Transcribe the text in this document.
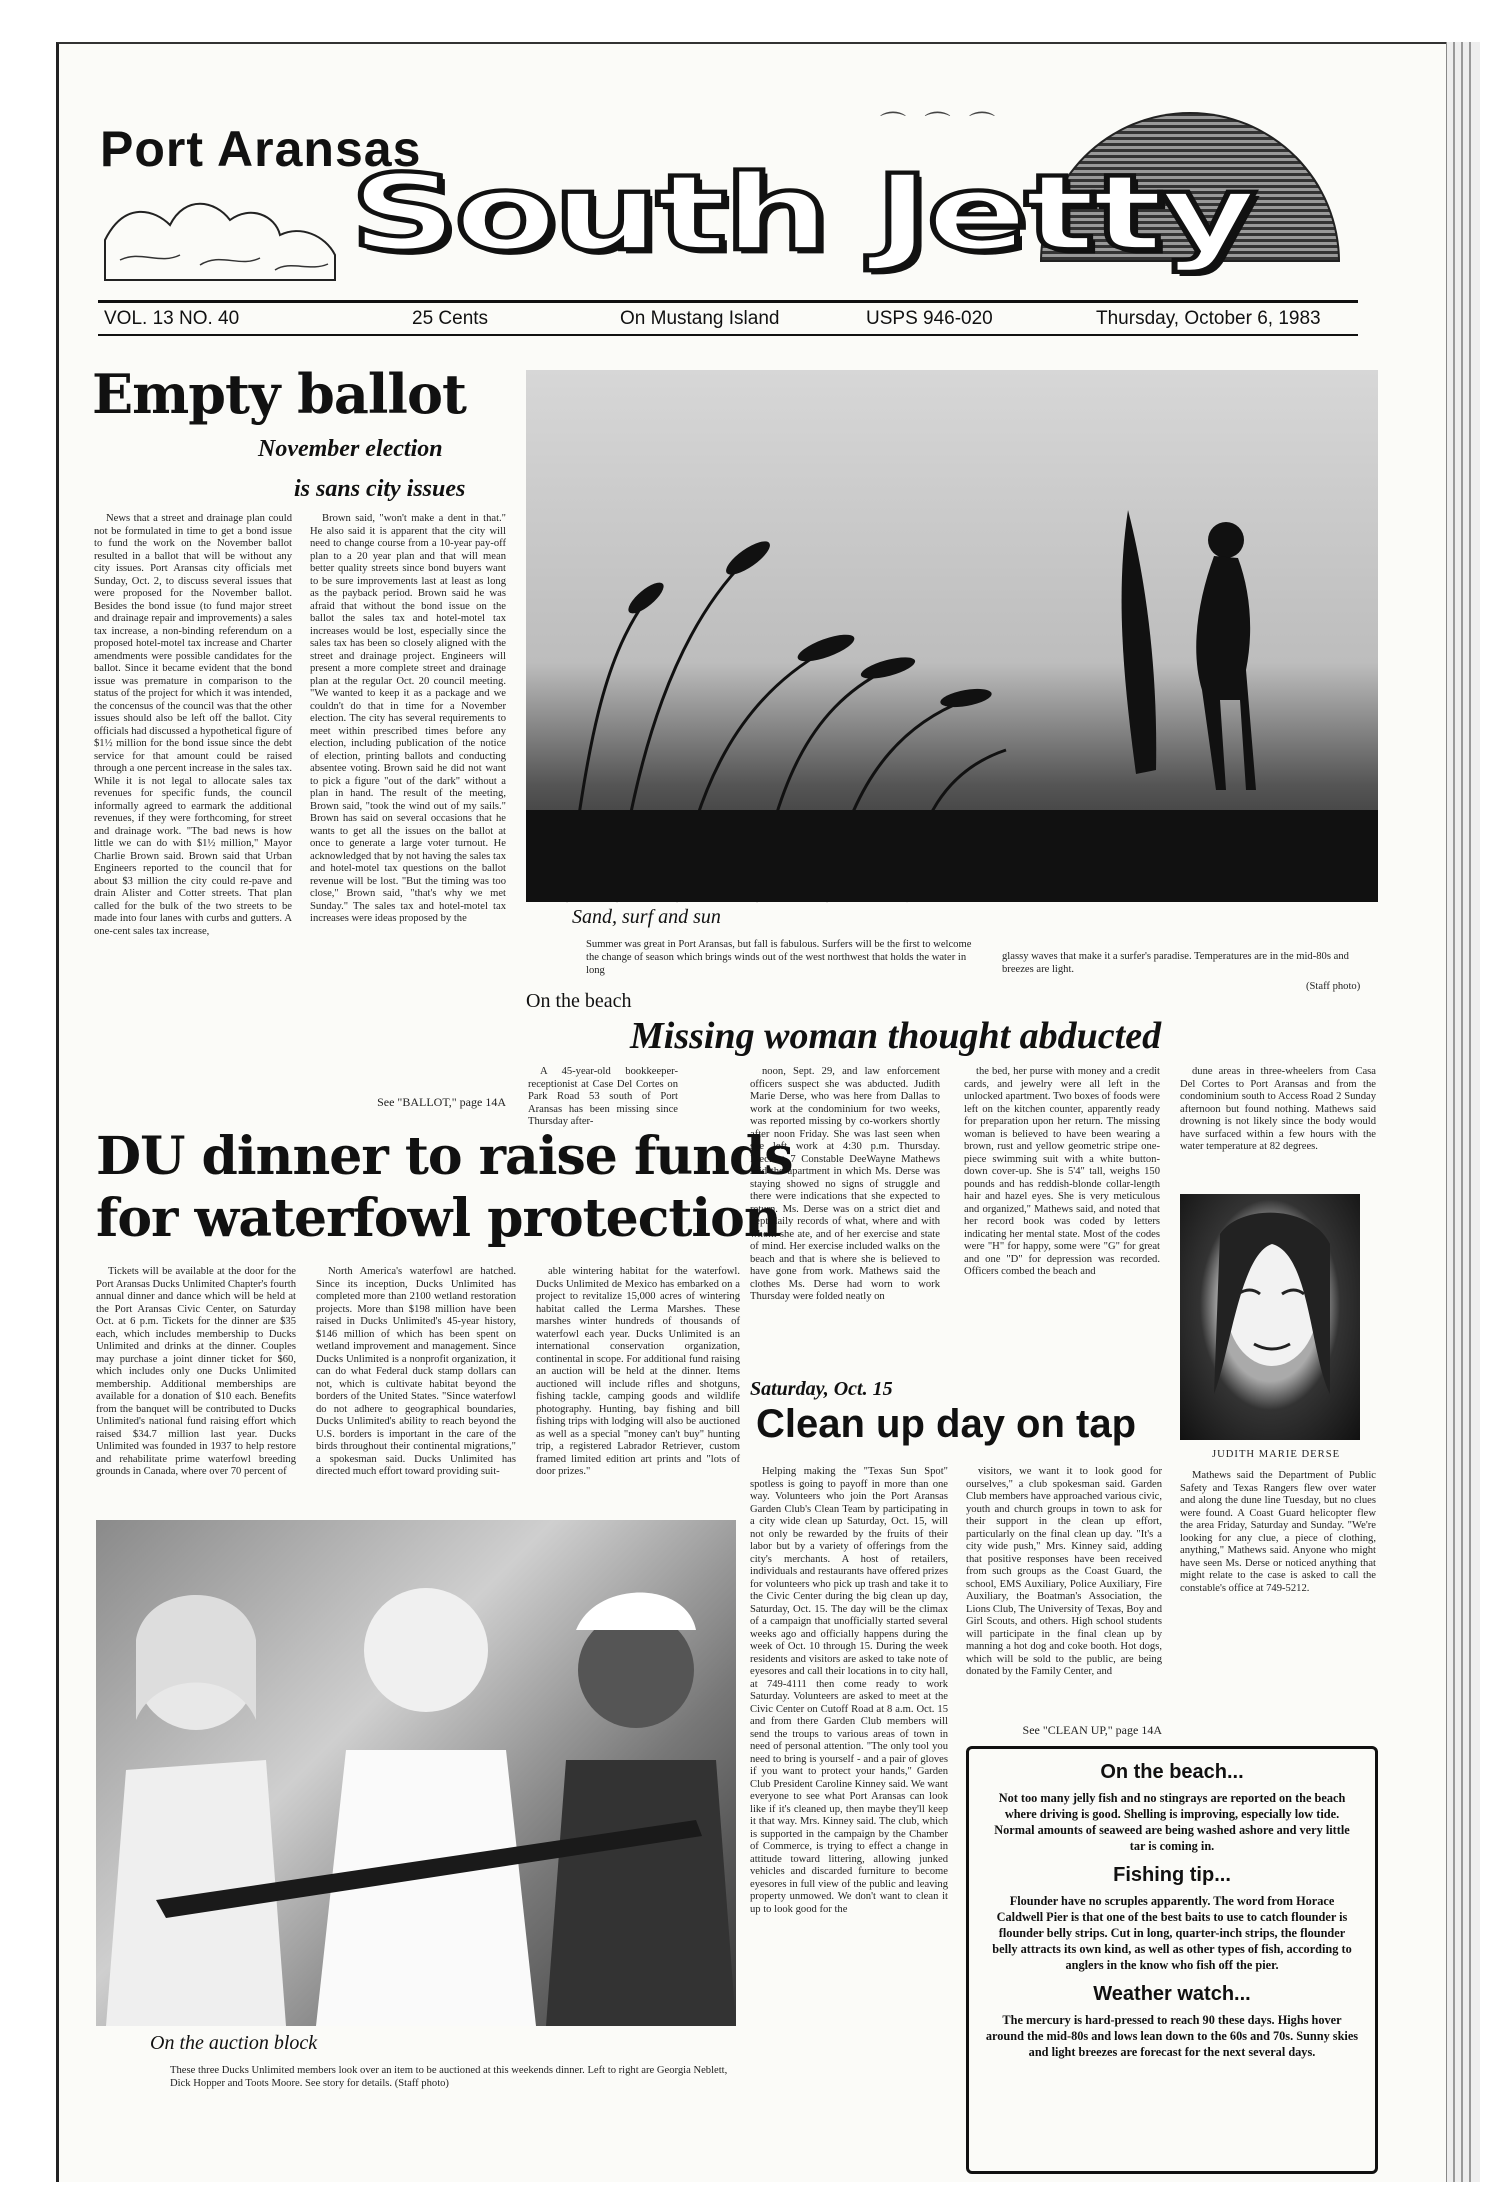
Port Aransas	⌒ ⌒ ⌒
South Jetty
VOL. 13 NO. 40	25 Cents	On Mustang Island	USPS 946-020	Thursday, October 6, 1983
Empty ballot
November election
is sans city issues

News that a street and drainage plan could not be formulated in time to get a bond issue to fund the work on the November ballot resulted in a ballot that will be without any city issues. Port Aransas city officials met Sunday, Oct. 2, to discuss several issues that were proposed for the November ballot. Besides the bond issue (to fund major street and drainage repair and improvements) a sales tax increase, a non-binding referendum on a proposed hotel-motel tax increase and Charter amendments were possible candidates for the ballot. Since it became evident that the bond issue was premature in comparison to the status of the project for which it was intended, the concensus of the council was that the other issues should also be left off the ballot. City officials had discussed a hypothetical figure of $1½ million for the bond issue since the debt service for that amount could be raised through a one percent increase in the sales tax. While it is not legal to allocate sales tax revenues for specific funds, the council informally agreed to earmark the additional revenues, if they were forthcoming, for street and drainage work. "The bad news is how little we can do with $1½ million," Mayor Charlie Brown said. Brown said that Urban Engineers reported to the council that for about $3 million the city could re-pave and drain Alister and Cotter streets. That plan called for the bulk of the two streets to be made into four lanes with curbs and gutters. A one-cent sales tax increase,

Brown said, "won't make a dent in that." He also said it is apparent that the city will need to change course from a 10-year pay-off plan to a 20 year plan and that will mean better quality streets since bond buyers want to be sure improvements last at least as long as the payback period. Brown said he was afraid that without the bond issue on the ballot the sales tax and hotel-motel tax increases would be lost, especially since the sales tax has been so closely aligned with the street and drainage project. Engineers will present a more complete street and drainage plan at the regular Oct. 20 council meeting. "We wanted to keep it as a package and we couldn't do that in time for a November election. The city has several requirements to meet within prescribed times before any election, including publication of the notice of election, printing ballots and conducting absentee voting. Brown said he did not want to pick a figure "out of the dark" without a plan in hand. The result of the meeting, Brown said, "took the wind out of my sails." Brown has said on several occasions that he wants to get all the issues on the ballot at once to generate a large voter turnout. He acknowledged that by not having the sales tax and hotel-motel tax questions on the ballot revenue will be lost. "But the timing was too close," Brown said, "that's why we met Sunday." The sales tax and hotel-motel tax increases were ideas proposed by the

See "BALLOT," page 14A
Sand, surf and sun
Summer was great in Port Aransas, but fall is fabulous. Surfers will be the first to welcome the change of season which brings winds out of the west northwest that holds the water in long
glassy waves that make it a surfer's paradise. Temperatures are in the mid-80s and breezes are light.
(Staff photo)
On the beach
Missing woman thought abducted

A 45-year-old bookkeeper-receptionist at Case Del Cortes on Park Road 53 south of Port Aransas has been missing since Thursday after-

noon, Sept. 29, and law enforcement officers suspect she was abducted. Judith Marie Derse, who was here from Dallas to work at the condominium for two weeks, was reported missing by co-workers shortly after noon Friday. She was last seen when she left work at 4:30 p.m. Thursday. Precinct 7 Constable DeeWayne Mathews said the apartment in which Ms. Derse was staying showed no signs of struggle and there were indications that she expected to return. Ms. Derse was on a strict diet and kept daily records of what, where and with whom she ate, and of her exercise and state of mind. Her exercise included walks on the beach and that is where she is believed to have gone from work. Mathews said the clothes Ms. Derse had worn to work Thursday were folded neatly on

the bed, her purse with money and a credit cards, and jewelry were all left in the unlocked apartment. Two boxes of foods were left on the kitchen counter, apparently ready for preparation upon her return. The missing woman is believed to have been wearing a brown, rust and yellow geometric stripe one-piece swimming suit with a white button-down cover-up. She is 5'4" tall, weighs 150 pounds and has reddish-blonde collar-length hair and hazel eyes. She is very meticulous and organized," Mathews said, and noted that her record book was coded by letters indicating her mental state. Most of the codes were "H" for happy, some were "G" for great and one "D" for depression was recorded. Officers combed the beach and

dune areas in three-wheelers from Casa Del Cortes to Port Aransas and from the condominium south to Access Road 2 Sunday afternoon but found nothing. Mathews said drowning is not likely since the body would have surfaced within a few hours with the water temperature at 82 degrees.

JUDITH MARIE DERSE

Mathews said the Department of Public Safety and Texas Rangers flew over water and along the dune line Tuesday, but no clues were found. A Coast Guard helicopter flew the area Friday, Saturday and Sunday. "We're looking for any clue, a piece of clothing, anything," Mathews said. Anyone who might have seen Ms. Derse or noticed anything that might relate to the case is asked to call the constable's office at 749-5212.

DU dinner to raise funds
for waterfowl protection

Tickets will be available at the door for the Port Aransas Ducks Unlimited Chapter's fourth annual dinner and dance which will be held at the Port Aransas Civic Center, on Saturday Oct. at 6 p.m. Tickets for the dinner are $35 each, which includes membership to Ducks Unlimited and drinks at the dinner. Couples may purchase a joint dinner ticket for $60, which includes only one Ducks Unlimited membership. Additional memberships are available for a donation of $10 each. Benefits from the banquet will be contributed to Ducks Unlimited's national fund raising effort which raised $34.7 million last year. Ducks Unlimited was founded in 1937 to help restore and rehabilitate prime waterfowl breeding grounds in Canada, where over 70 percent of

North America's waterfowl are hatched. Since its inception, Ducks Unlimited has completed more than 2100 wetland restoration projects. More than $198 million have been raised in Ducks Unlimited's 45-year history, $146 million of which has been spent on wetland improvement and management. Since Ducks Unlimited is a nonprofit organization, it can do what Federal duck stamp dollars can not, which is cultivate habitat beyond the borders of the United States. "Since waterfowl do not adhere to geographical boundaries, Ducks Unlimited's ability to reach beyond the U.S. borders is important in the care of the birds throughout their continental migrations," a spokesman said. Ducks Unlimited has directed much effort toward providing suit-

able wintering habitat for the waterfowl. Ducks Unlimited de Mexico has embarked on a project to revitalize 15,000 acres of wintering habitat called the Lerma Marshes. These marshes winter hundreds of thousands of waterfowl each year. Ducks Unlimited is an international conservation organization, continental in scope. For additional fund raising an auction will be held at the dinner. Items auctioned will include rifles and shotguns, fishing tackle, camping goods and wildlife photography. Hunting, bay fishing and bill fishing trips with lodging will also be auctioned as well as a special "money can't buy" hunting trip, a registered Labrador Retriever, custom framed limited edition art prints and "lots of door prizes."

On the auction block
These three Ducks Unlimited members look over an item to be auctioned at this weekends dinner. Left to right are Georgia Neblett, Dick Hopper and Toots Moore. See story for details. (Staff photo)
Saturday, Oct. 15
Clean up day on tap

Helping making the "Texas Sun Spot" spotless is going to payoff in more than one way. Volunteers who join the Port Aransas Garden Club's Clean Team by participating in a city wide clean up Saturday, Oct. 15, will not only be rewarded by the fruits of their labor but by a variety of offerings from the city's merchants. A host of retailers, individuals and restaurants have offered prizes for volunteers who pick up trash and take it to the Civic Center during the big clean up day, Saturday, Oct. 15. The day will be the climax of a campaign that unofficially started several weeks ago and officially happens during the week of Oct. 10 through 15. During the week residents and visitors are asked to take note of eyesores and call their locations in to city hall, at 749-4111 then come ready to work Saturday. Volunteers are asked to meet at the Civic Center on Cutoff Road at 8 a.m. Oct. 15 and from there Garden Club members will send the troups to various areas of town in need of personal attention. "The only tool you need to bring is yourself - and a pair of gloves if you want to protect your hands," Garden Club President Caroline Kinney said. We want everyone to see what Port Aransas can look like if it's cleaned up, then maybe they'll keep it that way. Mrs. Kinney said. The club, which is supported in the campaign by the Chamber of Commerce, is trying to effect a change in attitude toward littering, allowing junked vehicles and discarded furniture to become eyesores in full view of the public and leaving property unmowed. We don't want to clean it up to look good for the

visitors, we want it to look good for ourselves," a club spokesman said. Garden Club members have approached various civic, youth and church groups in town to ask for their support in the clean up effort, particularly on the final clean up day. "It's a city wide push," Mrs. Kinney said, adding that positive responses have been received from such groups as the Coast Guard, the school, EMS Auxiliary, Police Auxiliary, Fire Auxiliary, the Boatman's Association, the Lions Club, The University of Texas, Boy and Girl Scouts, and others. High school students will participate in the final clean up by manning a hot dog and coke booth. Hot dogs, which will be sold to the public, are being donated by the Family Center, and

See "CLEAN UP," page 14A
On the beach...

Not too many jelly fish and no stingrays are reported on the beach where driving is good. Shelling is improving, especially low tide. Normal amounts of seaweed are being washed ashore and very little tar is coming in.

Fishing tip...

Flounder have no scruples apparently. The word from Horace Caldwell Pier is that one of the best baits to use to catch flounder is flounder belly strips. Cut in long, quarter-inch strips, the flounder belly attracts its own kind, as well as other types of fish, according to anglers in the know who fish off the pier.

Weather watch...

The mercury is hard-pressed to reach 90 these days. Highs hover around the mid-80s and lows lean down to the 60s and 70s. Sunny skies and light breezes are forecast for the next several days.
